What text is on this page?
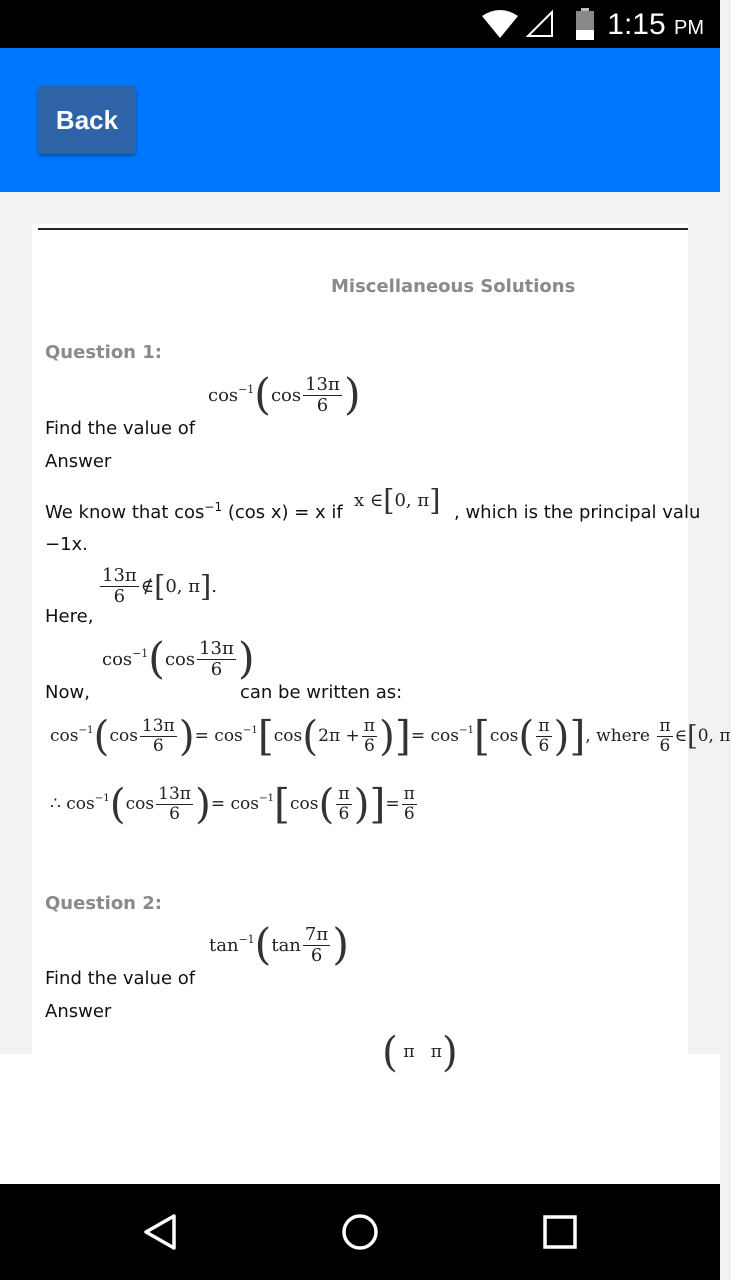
1:15 PM
Back
Miscellaneous Solutions
Question 1:
cos −1 ( $\cos \frac{13\pi}{6}$ )
Find the value of
Answer
We know that $\cos^{-1} (\cos$ x) = x if
x ∈ [ 0, π ] , which is the principal valu
−1x.
$\frac{13\pi}{6}$ ∉ [ 0, π ] .
Here,
cos −1 ( $\cos \frac{13\pi}{6}$ )
Now,	can be written as:
cos −1 ( $\cos \frac{13\pi}{6}$ ) = cos −1 [ cos ( $2\pi + \frac{\pi}{6}$ ) ] = cos −1 [ cos ( $\frac{\pi}{6}$ ) ] , where
$\frac{\pi}{6}$ ∈ [ 0, π
∴ cos −1 ( $\cos \frac{13\pi}{6}$ ) = cos −1 [ cos ( $\frac{\pi}{6}$ ) ] = $\frac{\pi}{6}$
Question 2:
tan −1 ( $\tan \frac{7\pi}{6}$ )
Find the value of
Answer
( π   π )
